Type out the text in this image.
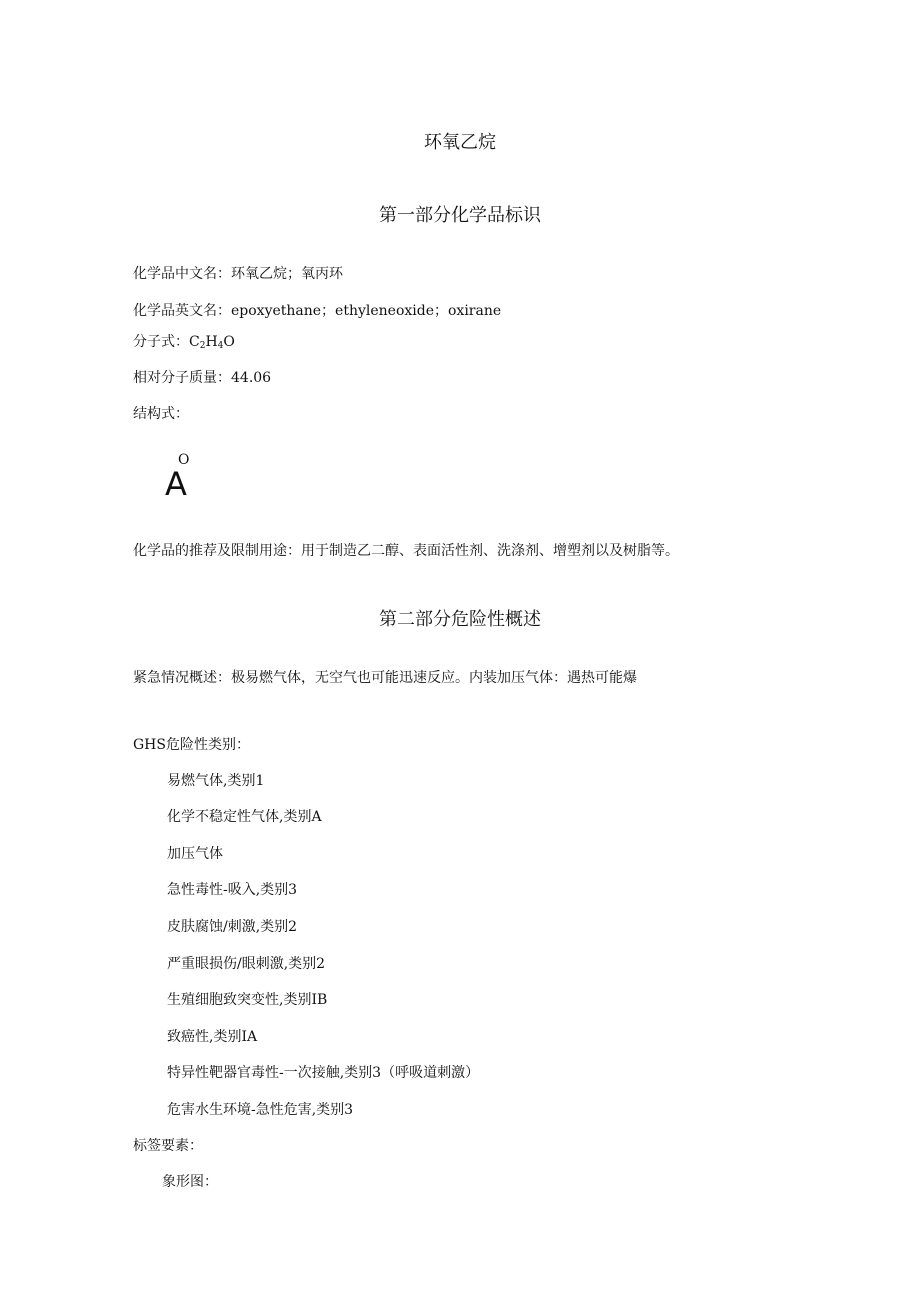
环氧乙烷
第一部分化学品标识
化学品中文名：环氧乙烷；氧丙环
化学品英文名：epoxyethane；ethyleneoxide；oxirane
分子式：$C_2H_4O$
相对分子质量：44.06
结构式：
O
A
化学品的推荐及限制用途：用于制造乙二醇、表面活性剂、洗涤剂、增塑剂以及树脂等。
第二部分危险性概述
紧急情况概述：极易燃气体，无空气也可能迅速反应。内装加压气体：遇热可能爆
GHS危险性类别：
易燃气体,类别1
化学不稳定性气体,类别A
加压气体
急性毒性-吸入,类别3
皮肤腐蚀/刺激,类别2
严重眼损伤/眼刺激,类别2
生殖细胞致突变性,类别IB
致癌性,类别IA
特异性靶器官毒性-一次接触,类别3（呼吸道刺激）
危害水生环境-急性危害,类别3
标签要素：
象形图：
